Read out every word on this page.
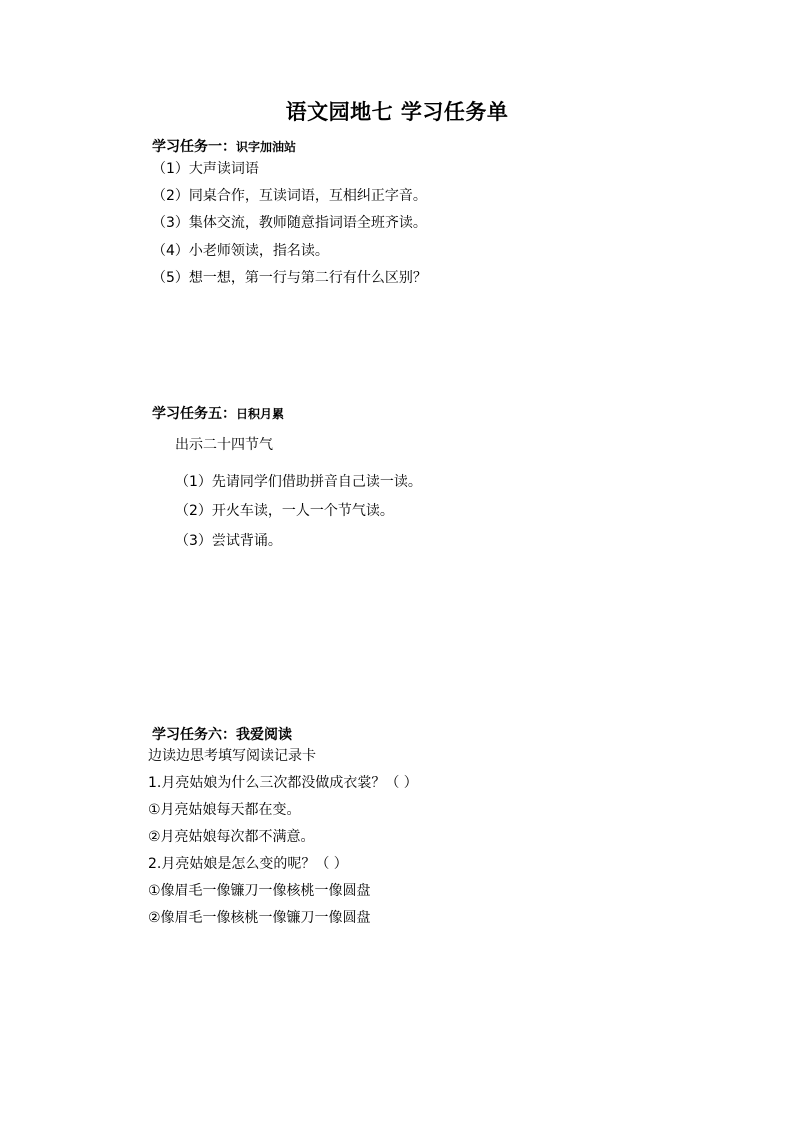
语文园地七 学习任务单
学习任务一：识字加油站
（1）大声读词语
（2）同桌合作，互读词语，互相纠正字音。
（3）集体交流，教师随意指词语全班齐读。
（4）小老师领读，指名读。
（5）想一想，第一行与第二行有什么区别？
学习任务五：日积月累
出示二十四节气
（1）先请同学们借助拼音自己读一读。
（2）开火车读，一人一个节气读。
（3）尝试背诵。
学习任务六：我爱阅读
边读边思考填写阅读记录卡
1.月亮姑娘为什么三次都没做成衣裳？（ ）
①月亮姑娘每天都在变。
②月亮姑娘每次都不满意。
2.月亮姑娘是怎么变的呢？（ ）
①像眉毛一像镰刀一像核桃一像圆盘
②像眉毛一像核桃一像镰刀一像圆盘
